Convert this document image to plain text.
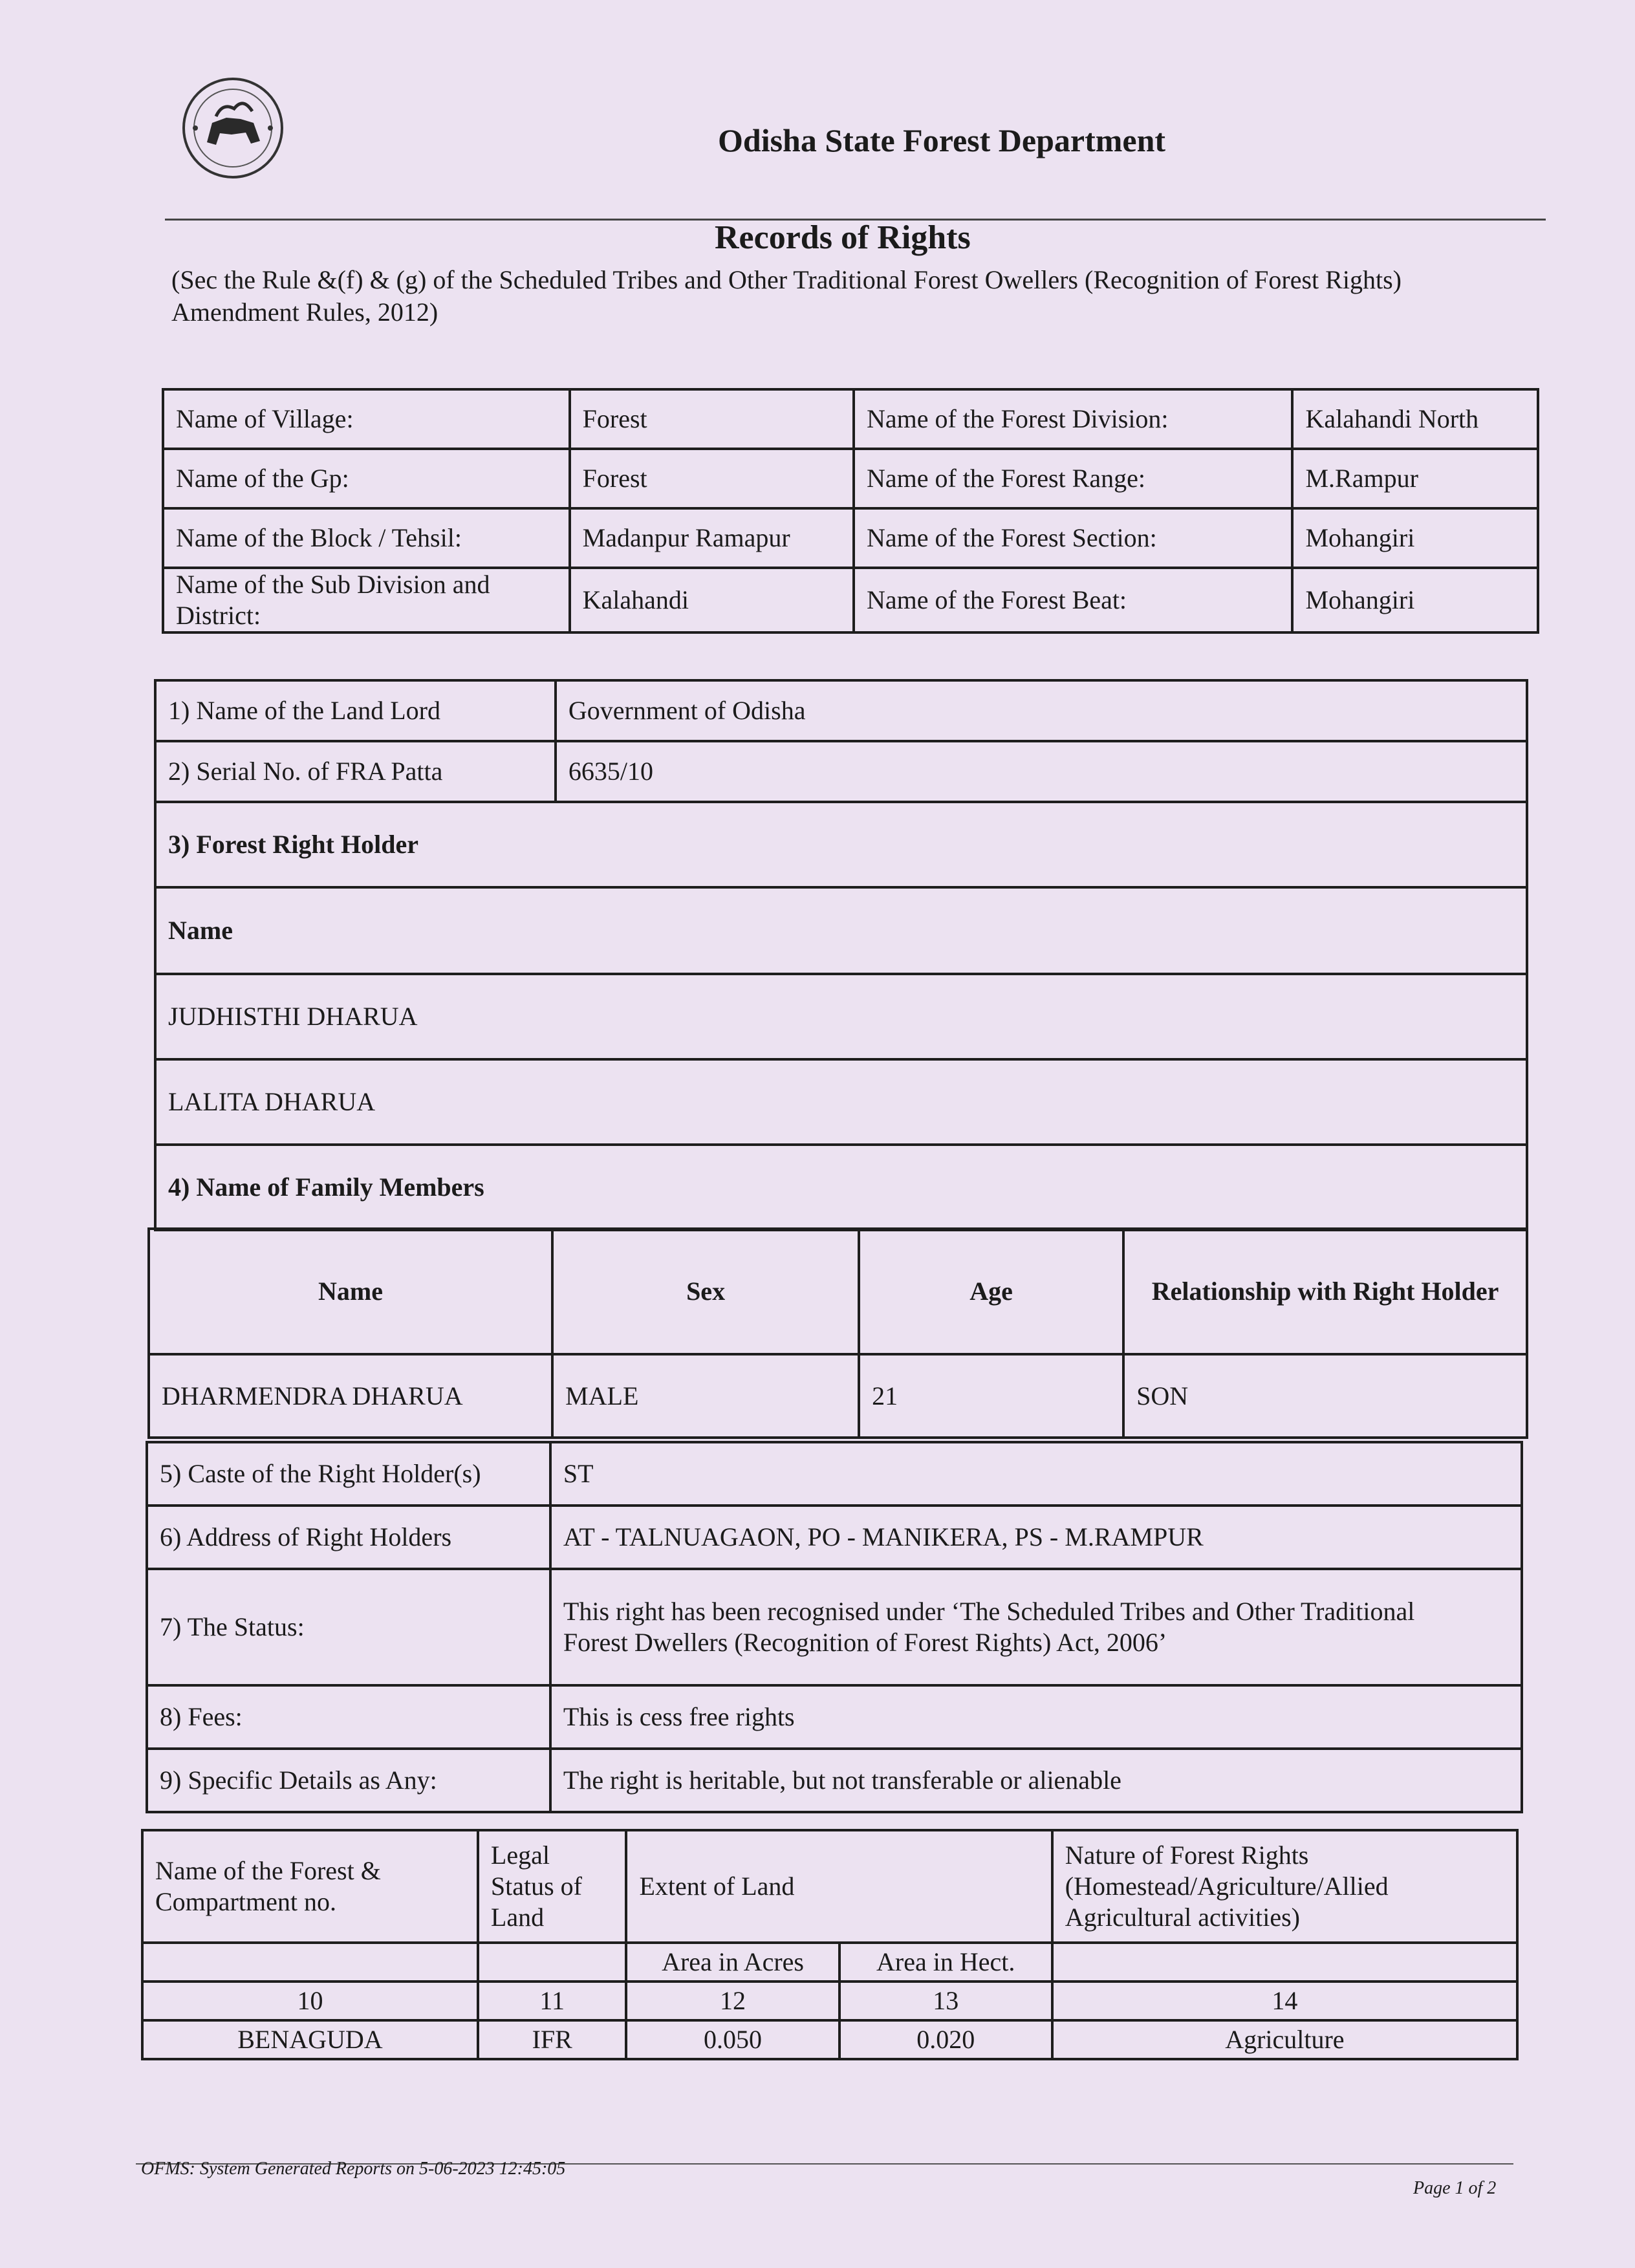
Odisha State Forest Department
Records of Rights
(Sec the Rule &(f) & (g) of the Scheduled Tribes and Other Traditional Forest Owellers (Recognition of Forest Rights) Amendment Rules, 2012)
Name of Village:	Forest	Name of the Forest Division:	Kalahandi North
Name of the Gp:	Forest	Name of the Forest Range:	M.Rampur
Name of the Block / Tehsil:	Madanpur Ramapur	Name of the Forest Section:	Mohangiri
Name of the Sub Division and District:	Kalahandi	Name of the Forest Beat:	Mohangiri
1) Name of the Land Lord	Government of Odisha
2) Serial No. of FRA Patta	6635/10
3) Forest Right Holder	
Name	
JUDHISTHI DHARUA	
LALITA DHARUA	
4) Name of Family Members	
Name	Sex	Age	Relationship with Right Holder
DHARMENDRA DHARUA	MALE	21	SON
5) Caste of the Right Holder(s)	ST
6) Address of Right Holders	AT - TALNUAGAON, PO - MANIKERA, PS - M.RAMPUR
7) The Status:	This right has been recognised under ‘The Scheduled Tribes and Other Traditional
Forest Dwellers (Recognition of Forest Rights) Act, 2006’

8) Fees:	This is cess free rights
9) Specific Details as Any:	The right is heritable, but not transferable or alienable
Name of the Forest & Compartment no.	Legal Status of Land	Extent of Land		Nature of Forest Rights (Homestead/Agriculture/Allied Agricultural activities)
		Area in Acres	Area in Hect.	
10	11	12	13	14
BENAGUDA	IFR	0.050	0.020	Agriculture
OFMS: System Generated Reports on 5-06-2023 12:45:05
Page 1 of 2
